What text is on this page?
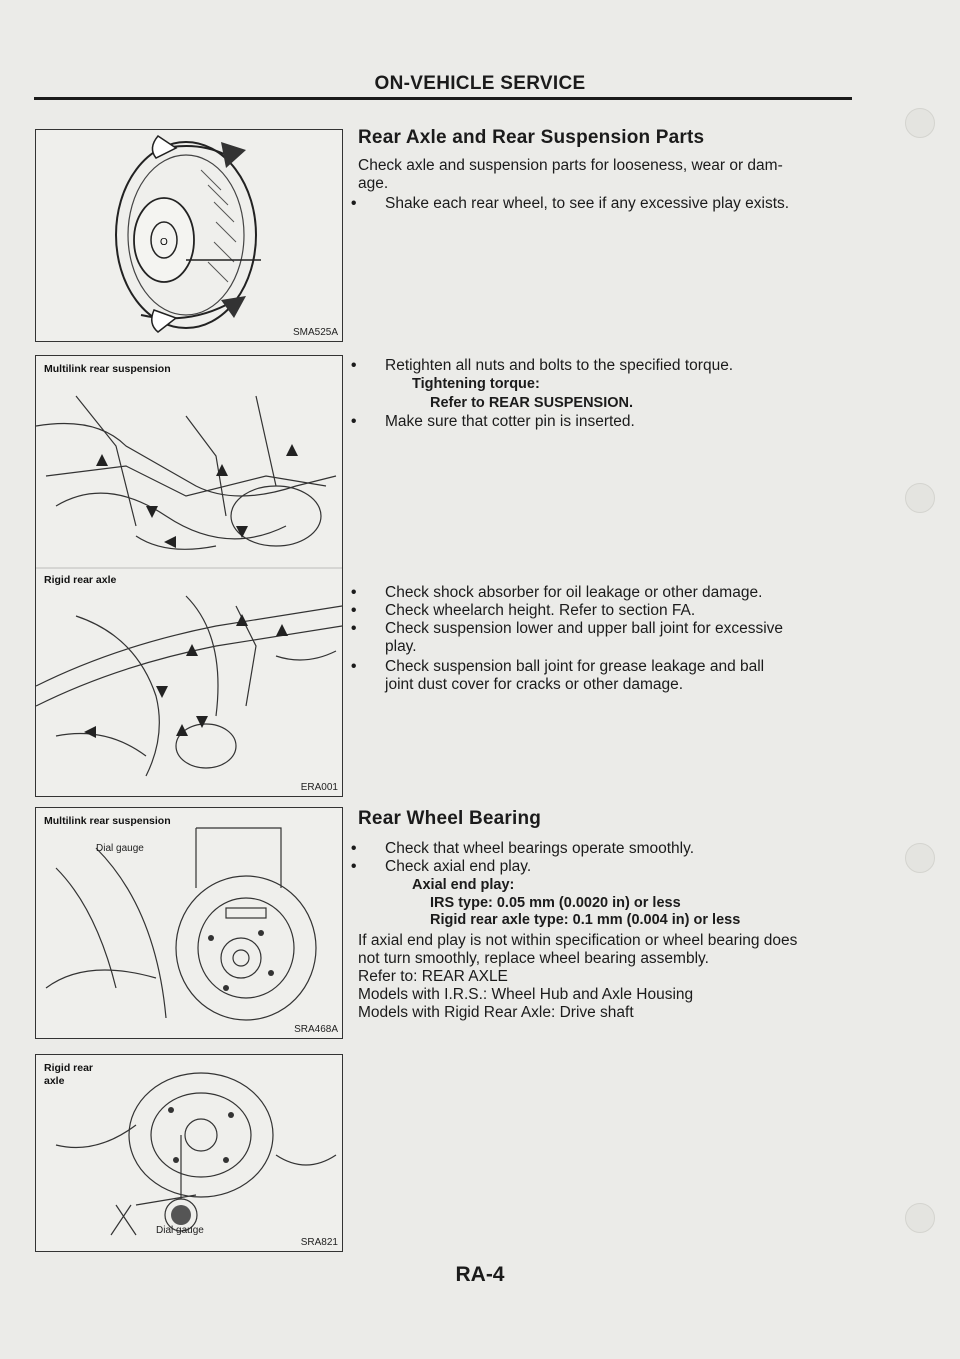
ON-VEHICLE SERVICE
O
SMA525A
Multilink rear suspension
Rigid rear axle
ERA001
Multilink rear suspension
Dial gauge
SRA468A
Rigid rear
axle
Dial gauge
SRA821
Rear Axle and Rear Suspension Parts
Check axle and suspension parts for looseness, wear or dam-
age.
• Shake each rear wheel, to see if any excessive play exists.
• Retighten all nuts and bolts to the specified torque.
Tightening torque:
Refer to REAR SUSPENSION.
• Make sure that cotter pin is inserted.
• Check shock absorber for oil leakage or other damage.
• Check wheelarch height. Refer to section FA.
• Check suspension lower and upper ball joint for excessive
play.
• Check suspension ball joint for grease leakage and ball
joint dust cover for cracks or other damage.
Rear Wheel Bearing
• Check that wheel bearings operate smoothly.
• Check axial end play.
Axial end play:
IRS type: 0.05 mm (0.0020 in) or less
Rigid rear axle type: 0.1 mm (0.004 in) or less
If axial end play is not within specification or wheel bearing does
not turn smoothly, replace wheel bearing assembly.
Refer to: REAR AXLE
Models with I.R.S.: Wheel Hub and Axle Housing
Models with Rigid Rear Axle: Drive shaft
RA-4
